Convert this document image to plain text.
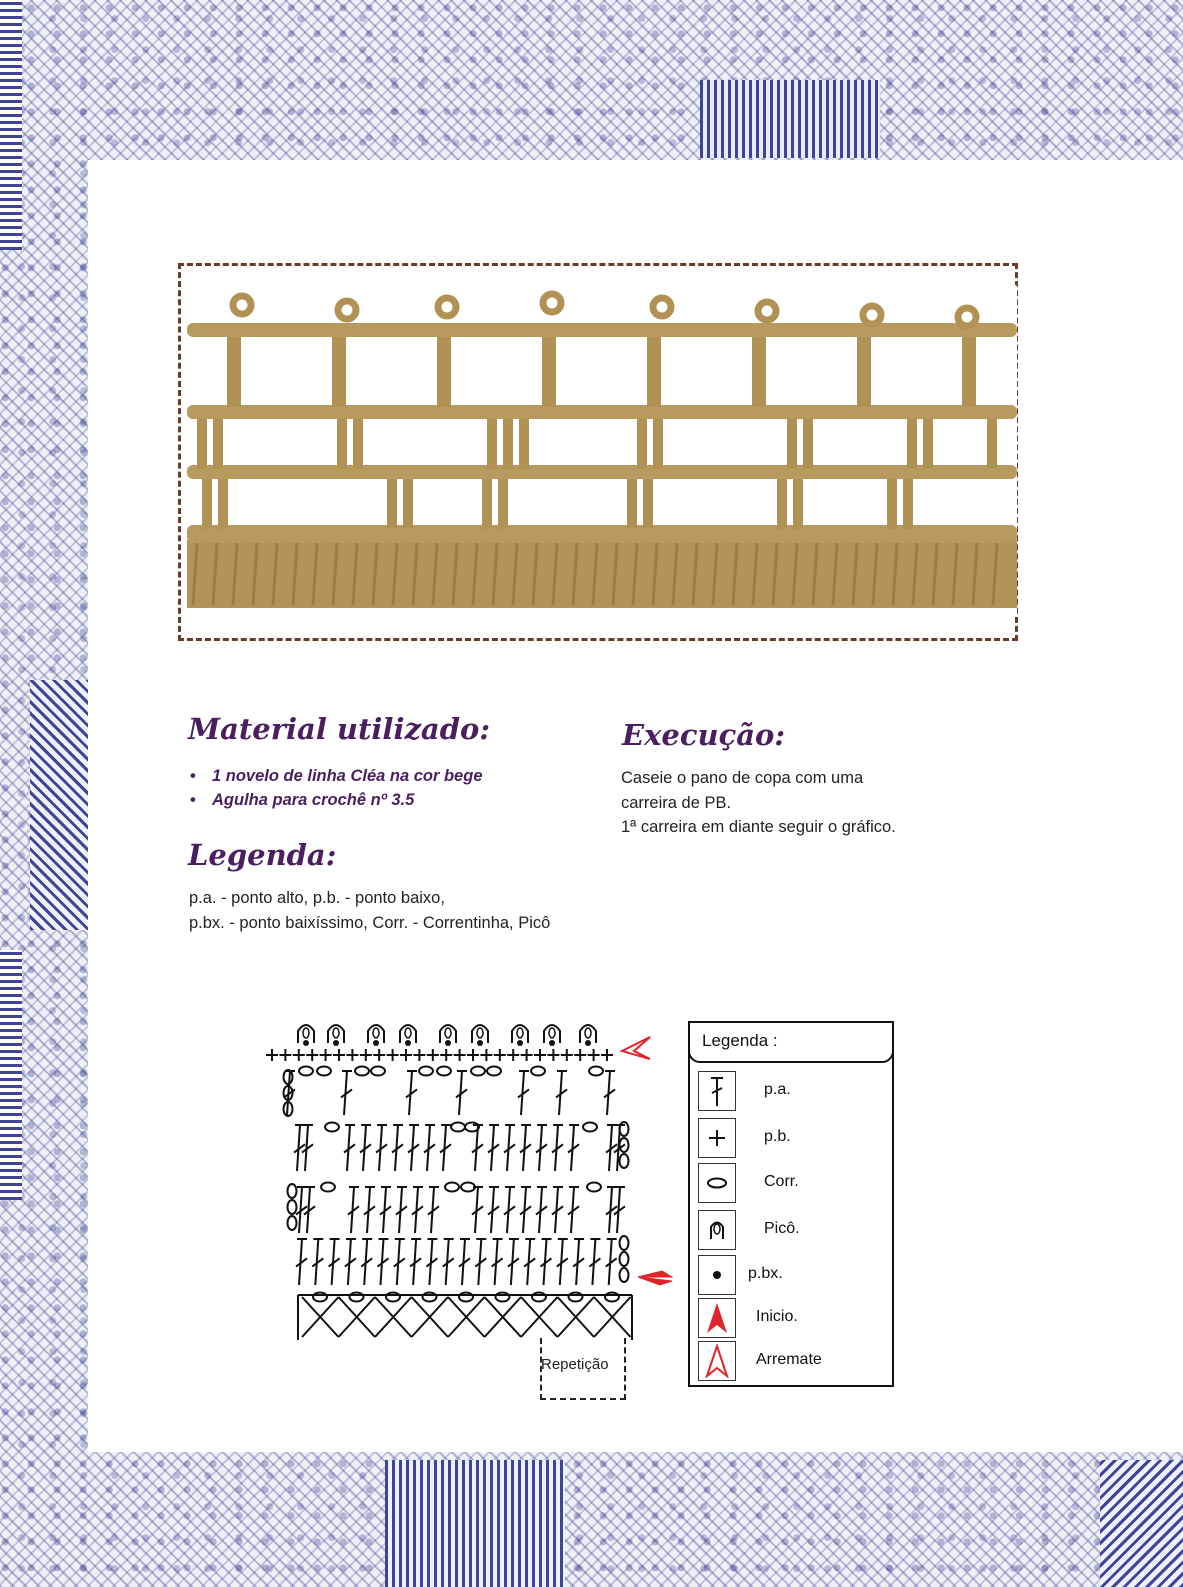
Material utilizado:
• 1 novelo de linha Cléa na cor bege
• Agulha para crochê nº 3.5
Legenda:

p.a. - ponto alto, p.b. - ponto baixo,

p.bx. - ponto baixíssimo, Corr. - Correntinha, Picô

Execução:

Caseie o pano de copa com uma

carreira de PB.

1ª carreira em diante seguir o gráfico.

Repetição
Legenda :
p.a.
p.b.
Corr.
Picô.
p.bx.
Inicio.
Arremate
